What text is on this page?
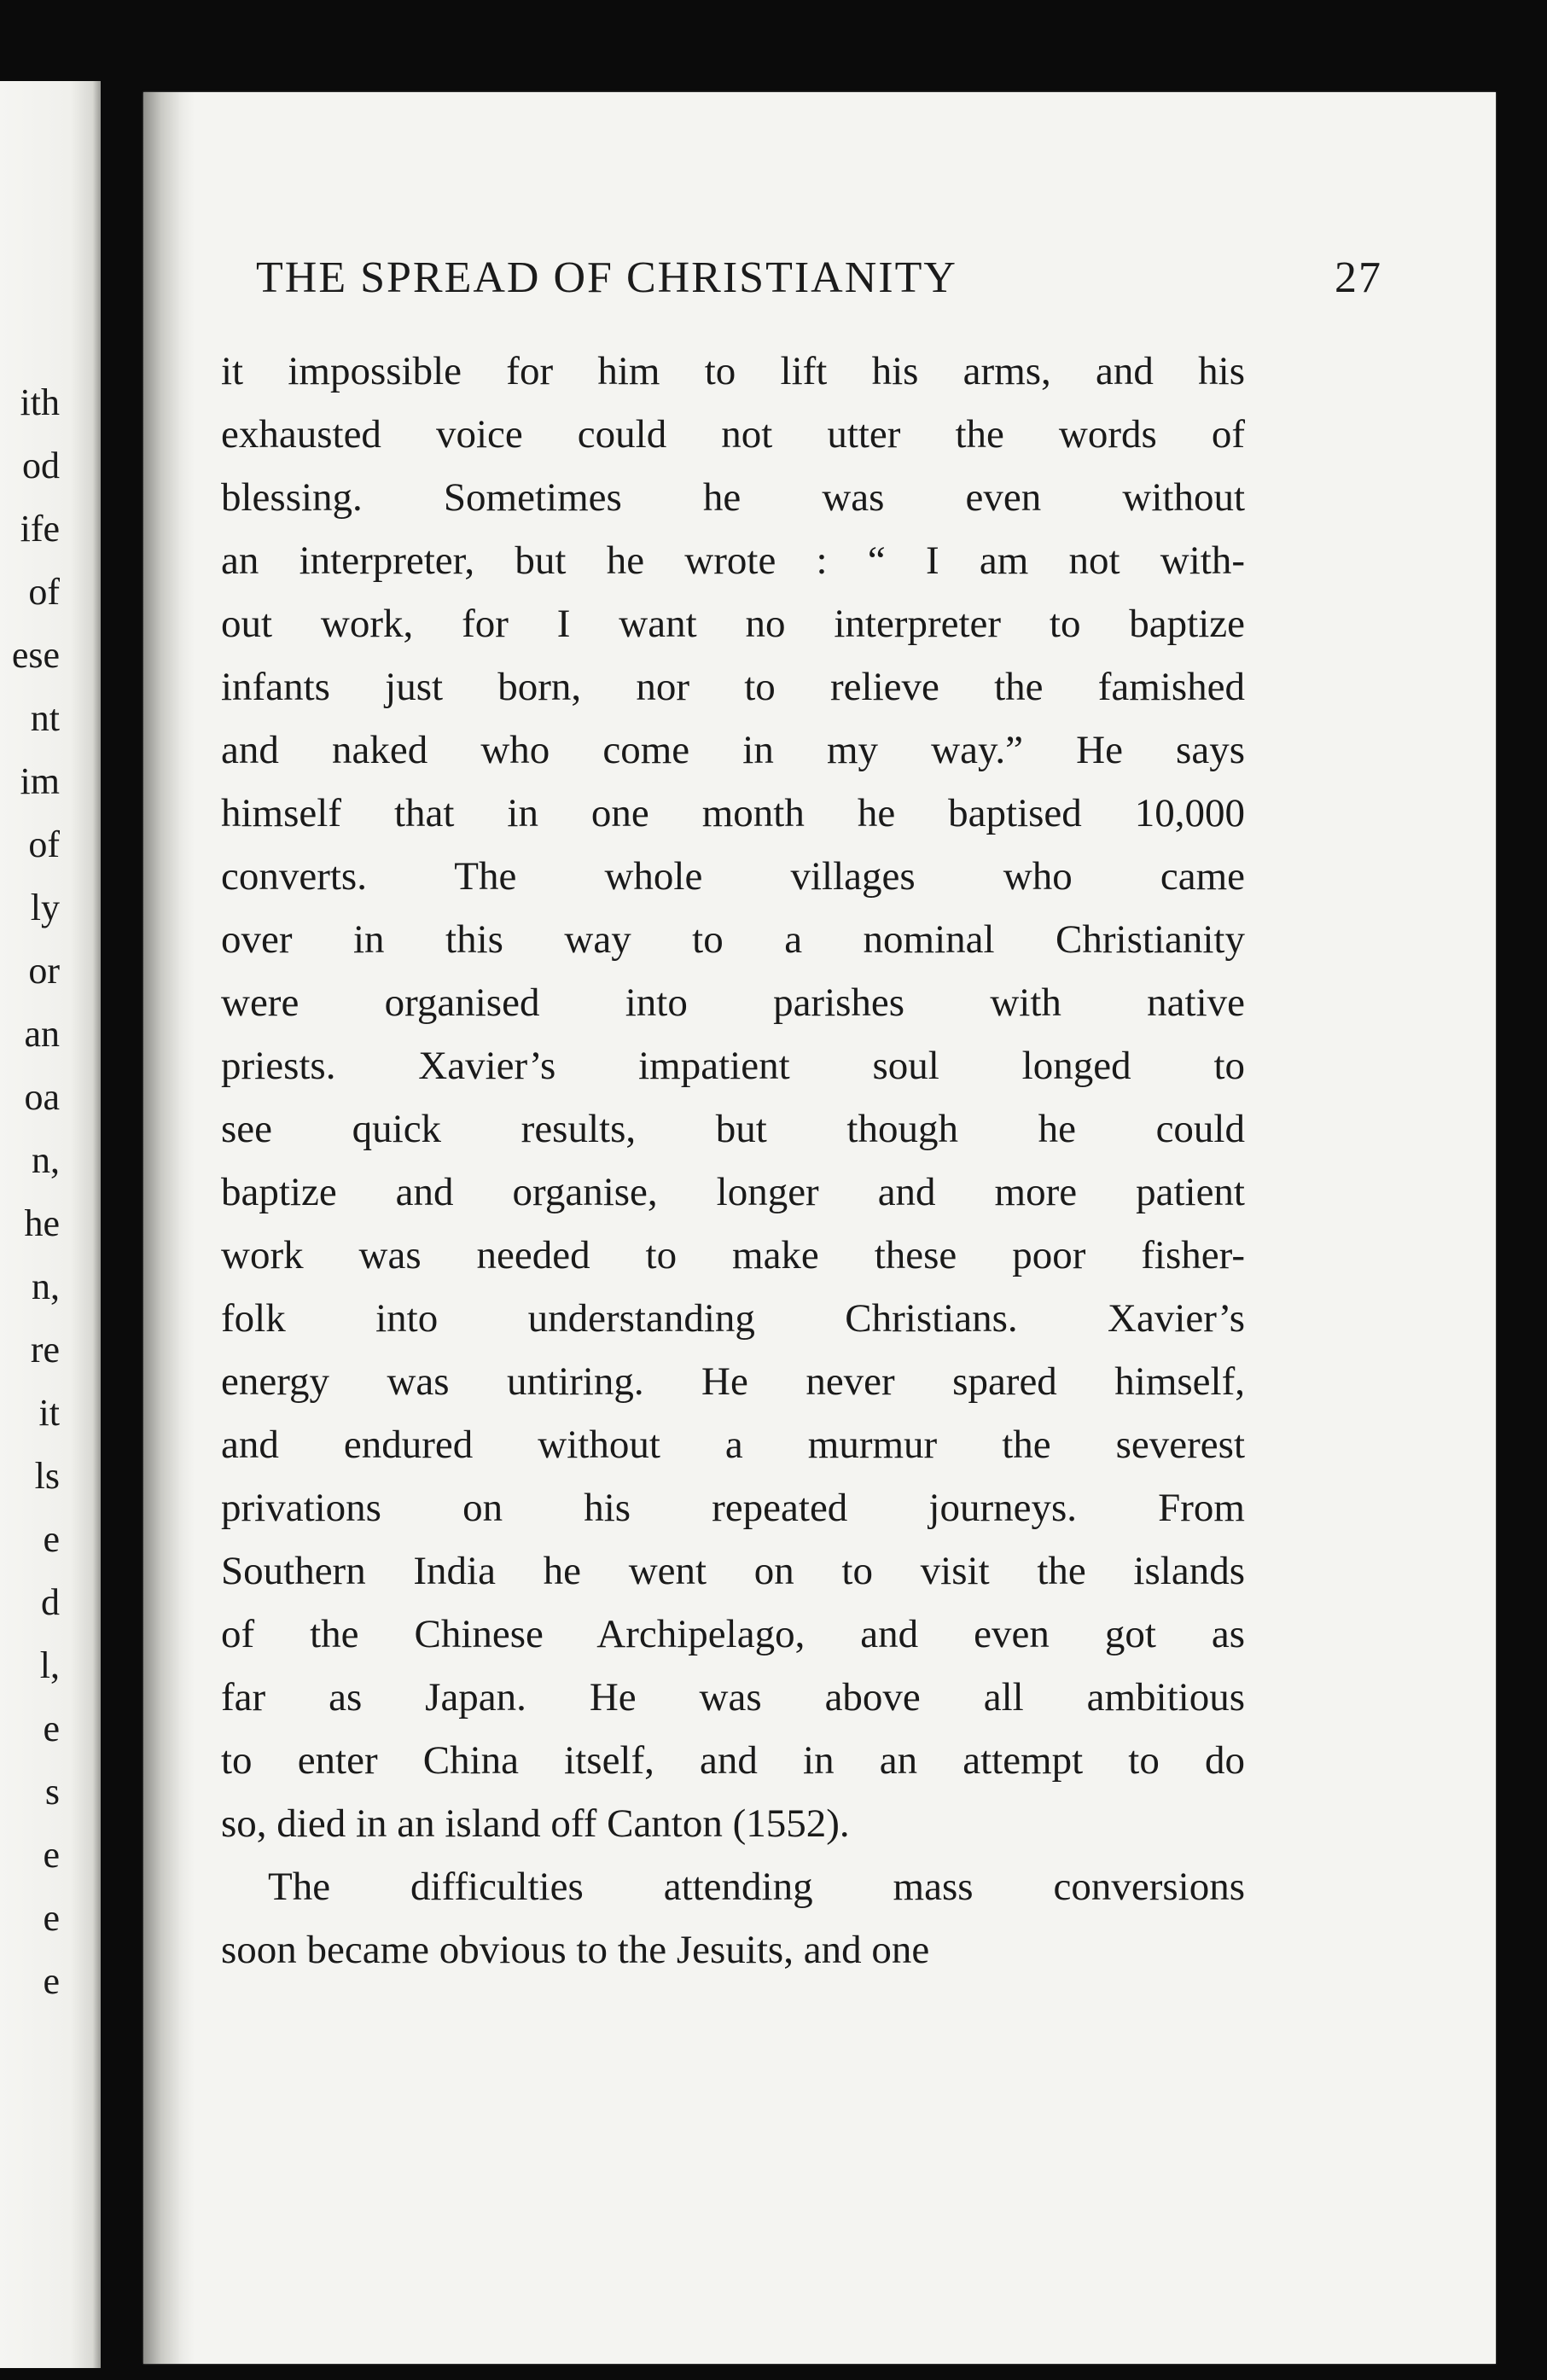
ith
od
ife
of
ese
nt
im
of
ly
or
an
oa
n,
he
n,
re
it
ls
e
d
l,
e
s
e
e
e
THE SPREAD OF CHRISTIANITY	27
it impossible for him to lift his arms, and his
exhausted voice could not utter the words of
blessing. Sometimes he was even without
an interpreter, but he wrote : “ I am not with-
out work, for I want no interpreter to baptize
infants just born, nor to relieve the famished
and naked who come in my way.” He says
himself that in one month he baptised 10,000
converts. The whole villages who came
over in this way to a nominal Christianity
were organised into parishes with native
priests. Xavier’s impatient soul longed to
see quick results, but though he could
baptize and organise, longer and more patient
work was needed to make these poor fisher-
folk into understanding Christians. Xavier’s
energy was untiring. He never spared himself,
and endured without a murmur the severest
privations on his repeated journeys. From
Southern India he went on to visit the islands
of the Chinese Archipelago, and even got as
far as Japan. He was above all ambitious
to enter China itself, and in an attempt to do
so, died in an island off Canton (1552).
The difficulties attending mass conversions
soon became obvious to the Jesuits, and one
